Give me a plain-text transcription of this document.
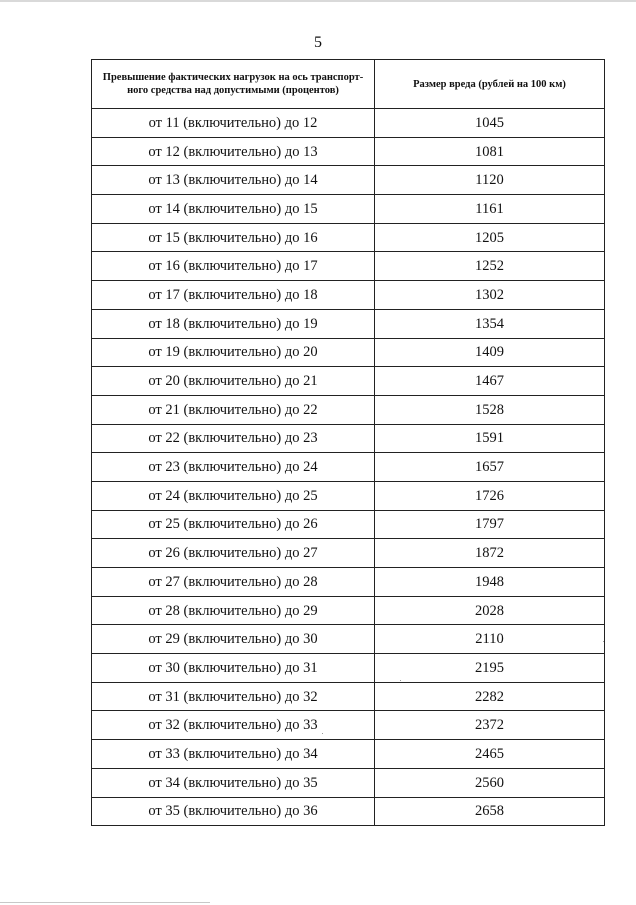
5
Превышение фактических нагрузок на ось транспорт-ного средства над допустимыми (процентов)	Размер вреда (рублей на 100 км)

от 11 (включительно) до 12	1045
от 12 (включительно) до 13	1081
от 13 (включительно) до 14	1120
от 14 (включительно) до 15	1161
от 15 (включительно) до 16	1205
от 16 (включительно) до 17	1252
от 17 (включительно) до 18	1302
от 18 (включительно) до 19	1354
от 19 (включительно) до 20	1409
от 20 (включительно) до 21	1467
от 21 (включительно) до 22	1528
от 22 (включительно) до 23	1591
от 23 (включительно) до 24	1657
от 24 (включительно) до 25	1726
от 25 (включительно) до 26	1797
от 26 (включительно) до 27	1872
от 27 (включительно) до 28	1948
от 28 (включительно) до 29	2028
от 29 (включительно) до 30	2110
от 30 (включительно) до 31	2195
от 31 (включительно) до 32	2282
от 32 (включительно) до 33	2372
от 33 (включительно) до 34	2465
от 34 (включительно) до 35	2560
от 35 (включительно) до 36	2658
